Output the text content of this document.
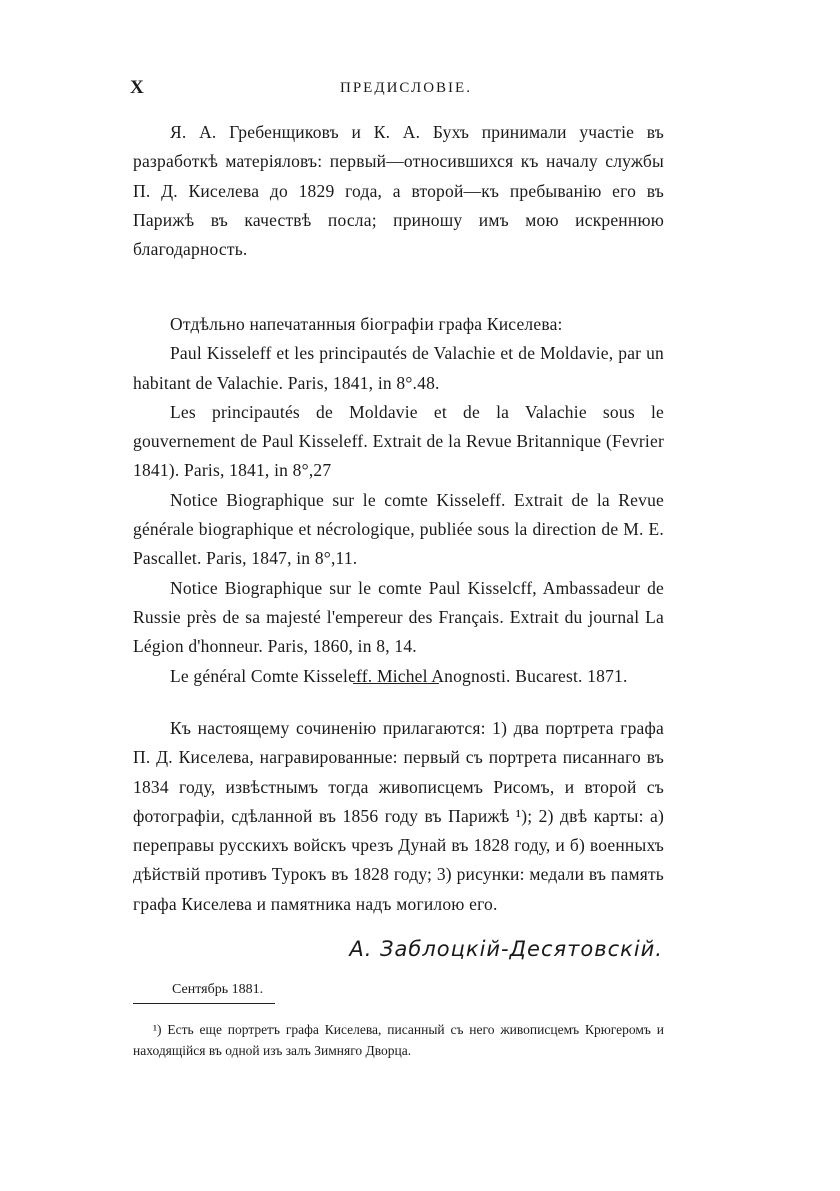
X	ПРЕДИСЛОВІЕ.

Я. А. Гребенщиковъ и К. А. Бухъ принимали участіе въ разработкѣ матеріяловъ: первый—относившихся къ началу службы П. Д. Киселева до 1829 года, а второй—къ пребыванію его въ Парижѣ въ качествѣ посла; приношу имъ мою искреннюю благодарность.

Отдѣльно напечатанныя біографіи графа Киселева:
Paul Kisseleff et les principautés de Valachie et de Moldavie, par un habitant de Valachie. Paris, 1841, in 8°.48.
Les principautés de Moldavie et de la Valachie sous le gouvernement de Paul Kisseleff. Extrait de la Revue Britannique (Fevrier 1841). Paris, 1841, in 8°,27
Notice Biographique sur le comte Kisseleff. Extrait de la Revue générale biographique et nécrologique, publiée sous la direction de M. E. Pascallet. Paris, 1847, in 8°,11.
Notice Biographique sur le comte Paul Kisselcff, Ambassadeur de Russie près de sa majesté l'empereur des Français. Extrait du journal La Légion d'honneur. Paris, 1860, in 8, 14.
Le général Comte Kisseleff. Michel Anognosti. Bucarest. 1871.

Къ настоящему сочиненію прилагаются: 1) два портрета графа П. Д. Киселева, награвированные: первый съ портрета писаннаго въ 1834 году, извѣстнымъ тогда живописцемъ Рисомъ, и второй съ фотографіи, сдѣланной въ 1856 году въ Парижѣ ¹); 2) двѣ карты: а) переправы русскихъ войскъ чрезъ Дунай въ 1828 году, и б) военныхъ дѣйствій противъ Турокъ въ 1828 году; 3) рисунки: медали въ память графа Киселева и памятника надъ могилою его.

А. Заблоцкій-Десятовскій.
Сентябрь 1881.
¹) Есть еще портретъ графа Киселева, писанный съ него живописцемъ Крюгеромъ и находящійся въ одной изъ залъ Зимняго Дворца.
